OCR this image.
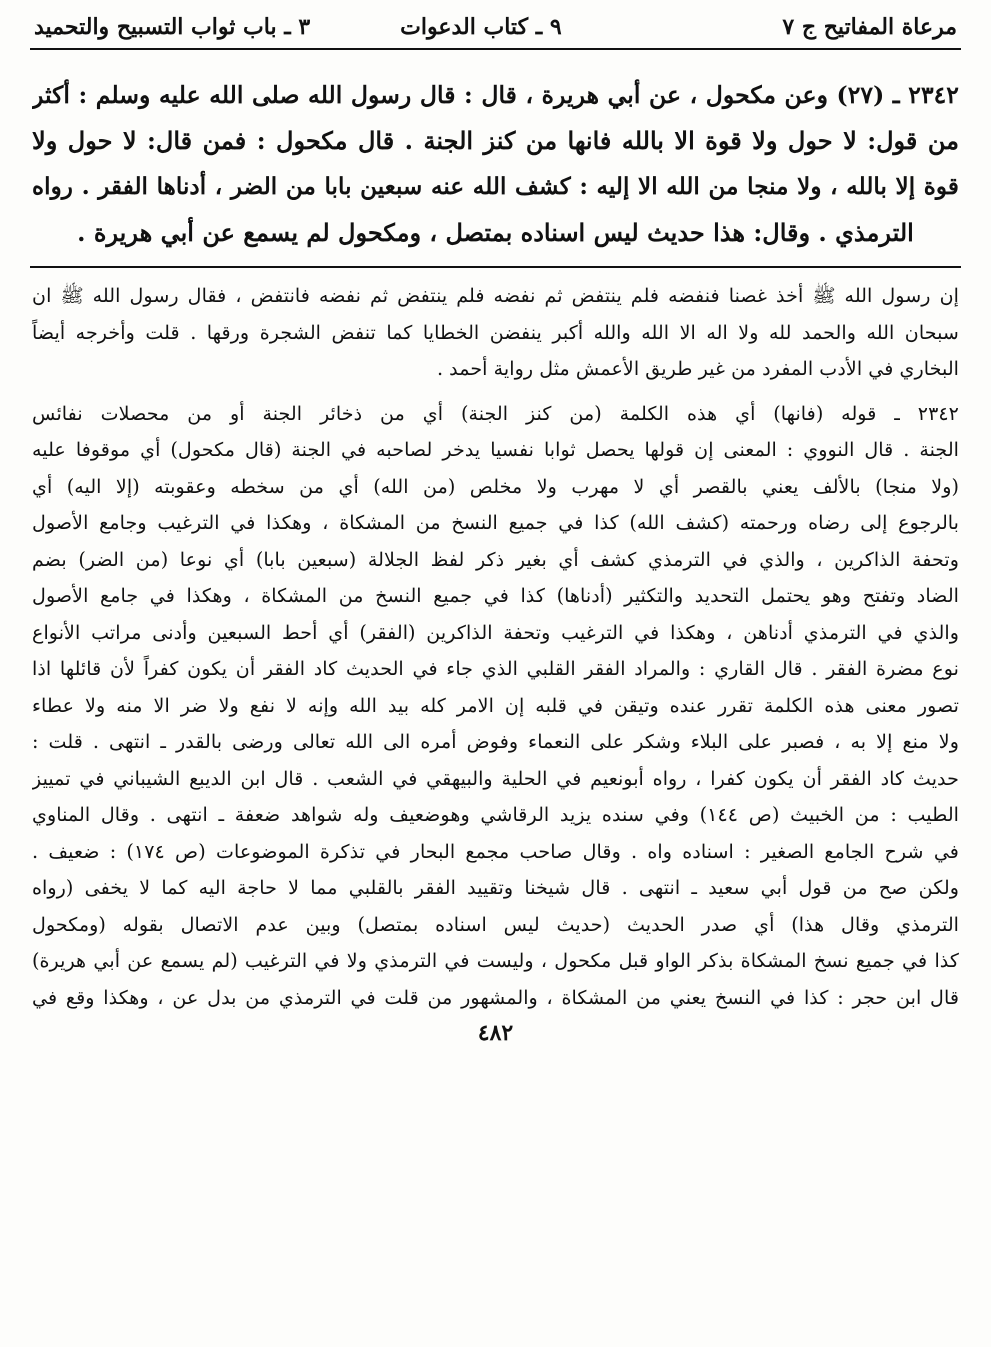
مرعاة المفاتيح ج ٧
٩ ـ كتاب الدعوات
٣ ـ باب ثواب التسبيح والتحميد
٢٣٤٢ ـ (٢٧) وعن مكحول ، عن أبي هريرة ، قال : قال رسول الله صلى الله عليه وسلم : أكثر
من قول: لا حول ولا قوة الا بالله فانها من كنز الجنة . قال مكحول : فمن قال: لا حول ولا
قوة إلا بالله ، ولا منجا من الله الا إليه : كشف الله عنه سبعين بابا من الضر ، أدناها الفقر . رواه
الترمذي . وقال: هذا حديث ليس اسناده بمتصل ، ومكحول لم يسمع عن أبي هريرة .
إن رسول الله ﷺ أخذ غصنا فنفضه فلم ينتفض ثم نفضه فلم ينتفض ثم نفضه فانتفض ، فقال رسول الله ﷺ ان
سبحان الله والحمد لله ولا اله الا الله والله أكبر ينفضن الخطايا كما تنفض الشجرة ورقها . قلت وأخرجه أيضاً
البخاري في الأدب المفرد من غير طريق الأعمش مثل رواية أحمد .
٢٣٤٢ ـ قوله (فانها) أي هذه الكلمة (من كنز الجنة) أي من ذخائر الجنة أو من محصلات نفائس
الجنة . قال النووي : المعنى إن قولها يحصل ثوابا نفسيا يدخر لصاحبه في الجنة (قال مكحول) أي موقوفا عليه
(ولا منجا) بالألف يعني بالقصر أي لا مهرب ولا مخلص (من الله) أي من سخطه وعقوبته (إلا اليه) أي
بالرجوع إلى رضاه ورحمته (كشف الله) كذا في جميع النسخ من المشكاة ، وهكذا في الترغيب وجامع الأصول
وتحفة الذاكرين ، والذي في الترمذي كشف أي بغير ذكر لفظ الجلالة (سبعين بابا) أي نوعا (من الضر) بضم
الضاد وتفتح وهو يحتمل التحديد والتكثير (أدناها) كذا في جميع النسخ من المشكاة ، وهكذا في جامع الأصول
والذي في الترمذي أدناهن ، وهكذا في الترغيب وتحفة الذاكرين (الفقر) أي أحط السبعين وأدنى مراتب الأنواع
نوع مضرة الفقر . قال القاري : والمراد الفقر القلبي الذي جاء في الحديث كاد الفقر أن يكون كفراً لأن قائلها اذا
تصور معنى هذه الكلمة تقرر عنده وتيقن في قلبه إن الامر كله بيد الله وإنه لا نفع ولا ضر الا منه ولا عطاء
ولا منع إلا به ، فصبر على البلاء وشكر على النعماء وفوض أمره الى الله تعالى ورضى بالقدر ـ انتهى . قلت :
حديث كاد الفقر أن يكون كفرا ، رواه أبونعيم في الحلية والبيهقي في الشعب . قال ابن الديبع الشيباني في تمييز
الطيب : من الخبيث (ص ١٤٤) وفي سنده يزيد الرقاشي وهوضعيف وله شواهد ضعفة ـ انتهى . وقال المناوي
في شرح الجامع الصغير : اسناده واه . وقال صاحب مجمع البحار في تذكرة الموضوعات (ص ١٧٤) : ضعيف .
ولكن صح من قول أبي سعيد ـ انتهى . قال شيخنا وتقييد الفقر بالقلبي مما لا حاجة اليه كما لا يخفى (رواه
الترمذي وقال هذا) أي صدر الحديث (حديث ليس اسناده بمتصل) وبين عدم الاتصال بقوله (ومكحول
كذا في جميع نسخ المشكاة بذكر الواو قبل مكحول ، وليست في الترمذي ولا في الترغيب (لم يسمع عن أبي هريرة)
قال ابن حجر : كذا في النسخ يعني من المشكاة ، والمشهور من قلت في الترمذي من بدل عن ، وهكذا وقع في
٤٨٢
